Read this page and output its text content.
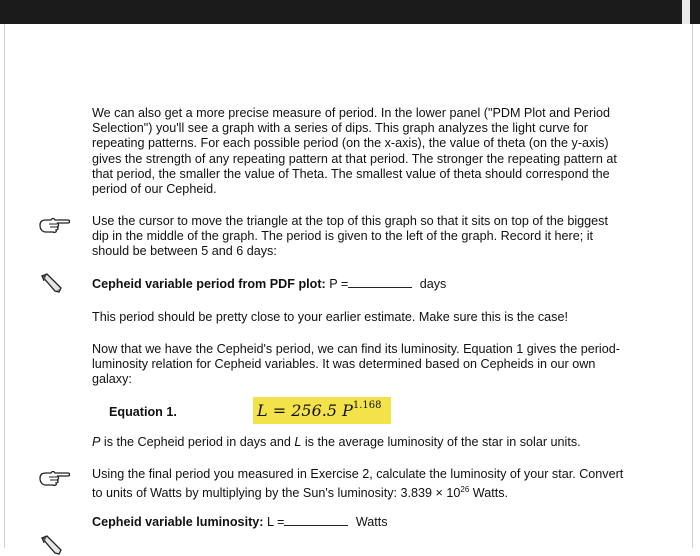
We can also get a more precise measure of period. In the lower panel ("PDM Plot and Period Selection") you'll see a graph with a series of dips. This graph analyzes the light curve for repeating patterns. For each possible period (on the x-axis), the value of theta (on the y-axis) gives the strength of any repeating pattern at that period. The stronger the repeating pattern at that period, the smaller the value of Theta. The smallest value of theta should correspond the period of our Cepheid.

Use the cursor to move the triangle at the top of this graph so that it sits on top of the biggest dip in the middle of the graph. The period is given to the left of the graph. Record it here; it should be between 5 and 6 days:

Cepheid variable period from PDF plot: P =	days

This period should be pretty close to your earlier estimate. Make sure this is the case!

Now that we have the Cepheid's period, we can find its luminosity. Equation 1 gives the period-luminosity relation for Cepheid variables. It was determined based on Cepheids in our own galaxy:

Equation 1.	L = 256.5 $P^{1.168}$
P is the Cepheid period in days and L is the average luminosity of the star in solar units.
Using the final period you measured in Exercise 2, calculate the luminosity of your star. Convert to units of Watts by multiplying by the Sun's luminosity: $3.839 \times 10^{26}$ Watts.
Cepheid variable luminosity: L =	Watts
